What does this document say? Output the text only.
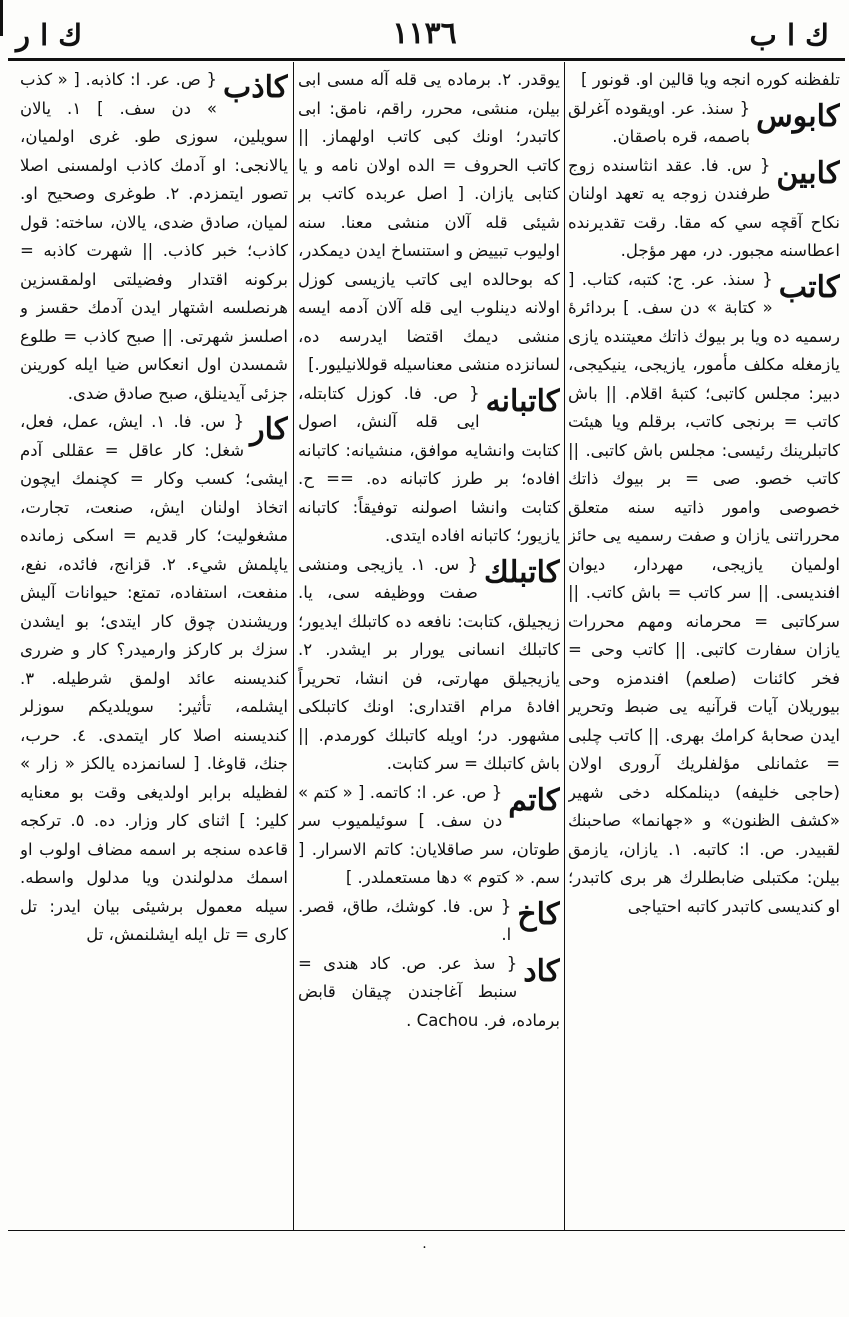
ك ا ر	١١٣٦	ك ا ب

تلفظنه كوره انجه ويا قالين او. قونور ]

كابوس

{ سنذ. عر. اويقوده آغرلق باصمه، قره باصقان.

كابين

{ س. فا. عقد انثاسنده زوج طرفندن زوجه يه تعهد اولنان نكاح آقچه سي كه مقا. رقت تقديرنده اعطاسنه مجبور. در، مهر مؤجل.

كاتب

{ سنذ. عر. ج: كتبه، كتاب. [ « كتابة » دن سف. ] بردائرهٔ رسميه ده ويا بر بيوك ذاتك معيتنده يازى يازمغله مكلف مأمور، يازيجى، ينيكيجى، دبير: مجلس كاتبى؛ كتبهٔ اقلام. || باش كاتب = برنجى كاتب، برقلم ويا هيئت كاتبلرينك رئيسى: مجلس باش كاتبى. || كاتب خصو. صى = بر بيوك ذاتك خصوصى وامور ذاتيه سنه متعلق محرراتنى يازان و صفت رسميه يى حائز اولميان يازيجى، مهردار، ديوان افنديسى. || سر كاتب = باش كاتب. || سركاتبى = محرمانه ومهم محررات يازان سفارت كاتبى. || كاتب وحى = فخر كائنات (صلعم) افندمزه وحى بيوريلان آيات قرآنيه يى ضبط وتحرير ايدن صحابهٔ كرامك بهرى. || كاتب چلبى = عثمانلى مؤلفلريك آرورى اولان (حاجى خليفه) دينلمكله دخى شهير «كشف الظنون» و «جهانما» صاحبنك لقبيدر. ص. ا: كاتبه. ١. يازان، يازمق بيلن: مكتبلى ضابطلرك هر برى كاتبدر؛ او كنديسى كاتبدر كاتبه احتياجى

يوقدر. ٢. برماده يى قله آله مسى ابى بيلن، منشى، محرر، راقم، نامق: ابى كاتبدر؛ اونك كبى كاتب اولهماز. || كاتب الحروف = الده اولان نامه و يا كتابى يازان. [ اصل عربده كاتب بر شيئى قله آلان منشى معنا. سنه اوليوب تبييض و استنساخ ايدن ديمكدر، كه بوحالده ايى كاتب يازيسى كوزل اولانه دينلوب ايى قله آلان آدمه ايسه منشى ديمك اقتضا ايدرسه ده، لسانزده منشى معناسيله قوللانيليور.]

كاتبانه

{ ص. فا. كوزل كتابتله، ايى قله آلنش، اصول كتابت وانشايه موافق، منشيانه: كاتبانه افاده؛ بر طرز كاتبانه ده. == ح. كتابت وانشا اصولنه توفيقاً: كاتبانه يازيور؛ كاتبانه افاده ايتدى.

كاتبلك

{ س. ١. يازيجى ومنشى صفت ووظيفه سى، يا. زيجيلق، كتابت: نافعه ده كاتبلك ايديور؛ كاتبلك انسانى يورار بر ايشدر. ٢. يازيجيلق مهارتى، فن انشا، تحريراً افادهٔ مرام اقتدارى: اونك كاتبلكى مشهور. در؛ اويله كاتبلك كورمدم. || باش كاتبلك = سر كتابت.

كاتم

{ ص. عر. ا: كاتمه. [ « كتم » دن سف. ] سوئيلميوب سر طوتان، سر صاقلايان: كاتم الاسرار. [ سم. « كتوم » دها مستعملدر. ]

كاخ

{ س. فا. كوشك، طاق، قصر. ا.

كاد

{ سذ عر. ص. كاد هندى = سنبط آغاجندن چيقان قابض برماده، فر. Cachou .

كاذب

{ ص. عر. ا: كاذبه. [ « كذب » دن سف. ] ١. يالان سويلين، سوزى طو. غرى اولميان، يالانجى: او آدمك كاذب اولمسنى اصلا تصور ايتمزدم. ٢. طوغرى وصحيح او. لميان، صادق ضدى، يالان، ساخته: قول كاذب؛ خبر كاذب. || شهرت كاذبه = بركونه اقتدار وفضيلتى اولمقسزين هرنصلسه اشتهار ايدن آدمك حقسز و اصلسز شهرتى. || صبح كاذب = طلوع شمسدن اول انعكاس ضيا ايله كورينن جزئى آيدينلق، صبح صادق ضدى.

كار

{ س. فا. ١. ايش، عمل، فعل، شغل: كار عاقل = عقللى آدم ايشى؛ كسب وكار = كچنمك ايچون اتخاذ اولنان ايش، صنعت، تجارت، مشغوليت؛ كار قديم = اسكى زمانده ياپلمش شيء. ٢. قزانج، فائده، نفع، منفعت، استفاده، تمتع: حيوانات آليش وريشندن چوق كار ايتدى؛ بو ايشدن سزك بر كاركز وارميدر؟ كار و ضررى كنديسنه عائد اولمق شرطيله. ٣. ايشلمه، تأثير: سويلديكم سوزلر كنديسنه اصلا كار ايتمدى. ٤. حرب، جنك، قاوغا. [ لسانمزده يالكز « زار » لفظيله برابر اولديغى وقت بو معنايه كلير: ] اثناى كار وزار. ده. ٥. تركجه قاعده سنجه بر اسمه مضاف اولوب او اسمك مدلولندن ويا مدلول واسطه. سيله معمول برشيئى بيان ايدر: تل كارى = تل ايله ايشلنمش، تل

·
